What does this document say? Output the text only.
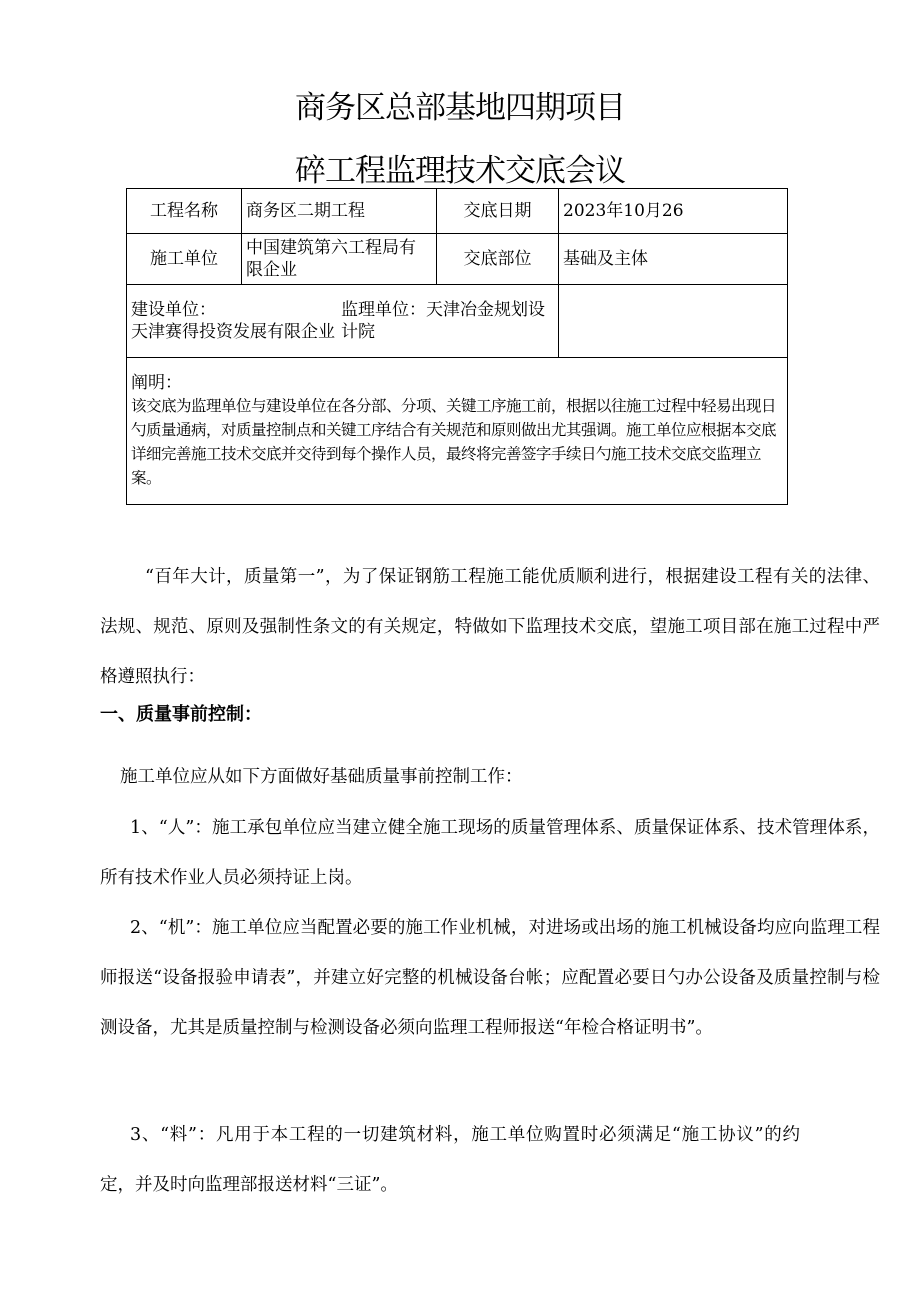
商务区总部基地四期项目
碎工程监理技术交底会议
工程名称	商务区二期工程	交底日期	2023年10月26
施工单位	中国建筑第六工程局有限企业	交底部位	基础及主体

建设单位：
天津赛得投资发展有限企业
监理单位：天津冶金规划设计院			

阐明：
该交底为监理单位与建设单位在各分部、分项、关键工序施工前，根据以往施工过程中轻易出现日勺质量通病，对质量控制点和关键工序结合有关规范和原则做出尤其强调。施工单位应根据本交底详细完善施工技术交底并交待到每个操作人员，最终将完善签字手续日勺施工技术交底交监理立案。			
“百年大计，质量第一”，为了保证钢筋工程施工能优质顺利进行，根据建设工程有关的法律、法规、规范、原则及强制性条文的有关规定，特做如下监理技术交底，望施工项目部在施工过程中严格遵照执行：
一、质量事前控制：
施工单位应从如下方面做好基础质量事前控制工作：
1、“人”：施工承包单位应当建立健全施工现场的质量管理体系、质量保证体系、技术管理体系，所有技术作业人员必须持证上岗。
2、“机”：施工单位应当配置必要的施工作业机械，对进场或出场的施工机械设备均应向监理工程师报送“设备报验申请表”，并建立好完整的机械设备台帐；应配置必要日勺办公设备及质量控制与检测设备，尤其是质量控制与检测设备必须向监理工程师报送“年检合格证明书”。
3、“料”：凡用于本工程的一切建筑材料，施工单位购置时必须满足“施工协议”的约定，并及时向监理部报送材料“三证”。
